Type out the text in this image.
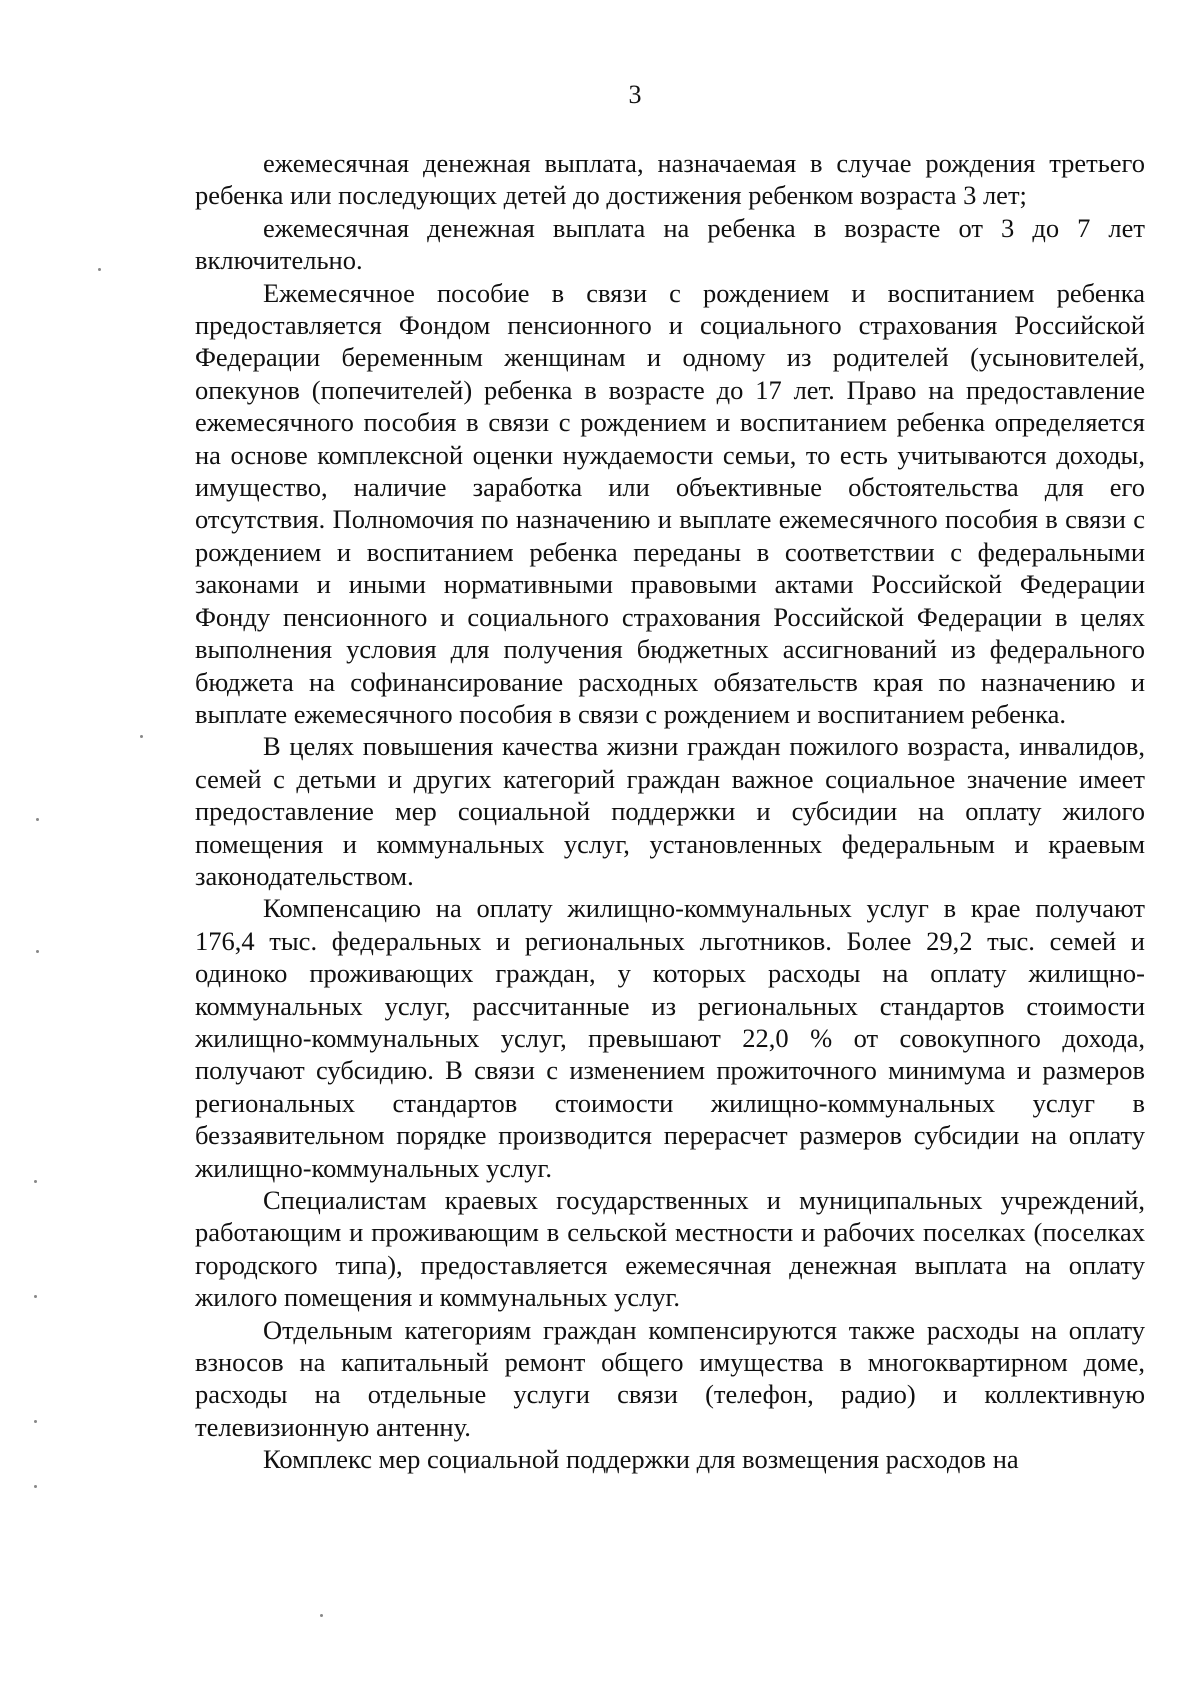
3

ежемесячная денежная выплата, назначаемая в случае рождения третьего ребенка или последующих детей до достижения ребенком возраста 3 лет;

ежемесячная денежная выплата на ребенка в возрасте от 3 до 7 лет включительно.

Ежемесячное пособие в связи с рождением и воспитанием ребенка предоставляется Фондом пенсионного и социального страхования Российской Федерации беременным женщинам и одному из родителей (усыновителей, опекунов (попечителей) ребенка в возрасте до 17 лет. Право на предоставление ежемесячного пособия в связи с рождением и воспитанием ребенка определяется на основе комплексной оценки нуждаемости семьи, то есть учитываются доходы, имущество, наличие заработка или объективные обстоятельства для его отсутствия. Полномочия по назначению и выплате ежемесячного пособия в связи с рождением и воспитанием ребенка переданы в соответствии с федеральными законами и иными нормативными правовыми актами Российской Федерации Фонду пенсионного и социального страхования Российской Федерации в целях выполнения условия для получения бюджетных ассигнований из федерального бюджета на софинансирование расходных обязательств края по назначению и выплате ежемесячного пособия в связи с рождением и воспитанием ребенка.

В целях повышения качества жизни граждан пожилого возраста, инвалидов, семей с детьми и других категорий граждан важное социальное значение имеет предоставление мер социальной поддержки и субсидии на оплату жилого помещения и коммунальных услуг, установленных федеральным и краевым законодательством.

Компенсацию на оплату жилищно-коммунальных услуг в крае получают 176,4 тыс. федеральных и региональных льготников. Более 29,2 тыс. семей и одиноко проживающих граждан, у которых расходы на оплату жилищно-коммунальных услуг, рассчитанные из региональных стандартов стоимости жилищно-коммунальных услуг, превышают 22,0 % от совокупного дохода, получают субсидию. В связи с изменением прожиточного минимума и размеров региональных стандартов стоимости жилищно-коммунальных услуг в беззаявительном порядке производится перерасчет размеров субсидии на оплату жилищно-коммунальных услуг.

Специалистам краевых государственных и муниципальных учреждений, работающим и проживающим в сельской местности и рабочих поселках (поселках городского типа), предоставляется ежемесячная денежная выплата на оплату жилого помещения и коммунальных услуг.

Отдельным категориям граждан компенсируются также расходы на оплату взносов на капитальный ремонт общего имущества в многоквартирном доме, расходы на отдельные услуги связи (телефон, радио) и коллективную телевизионную антенну.

Комплекс мер социальной поддержки для возмещения расходов на
